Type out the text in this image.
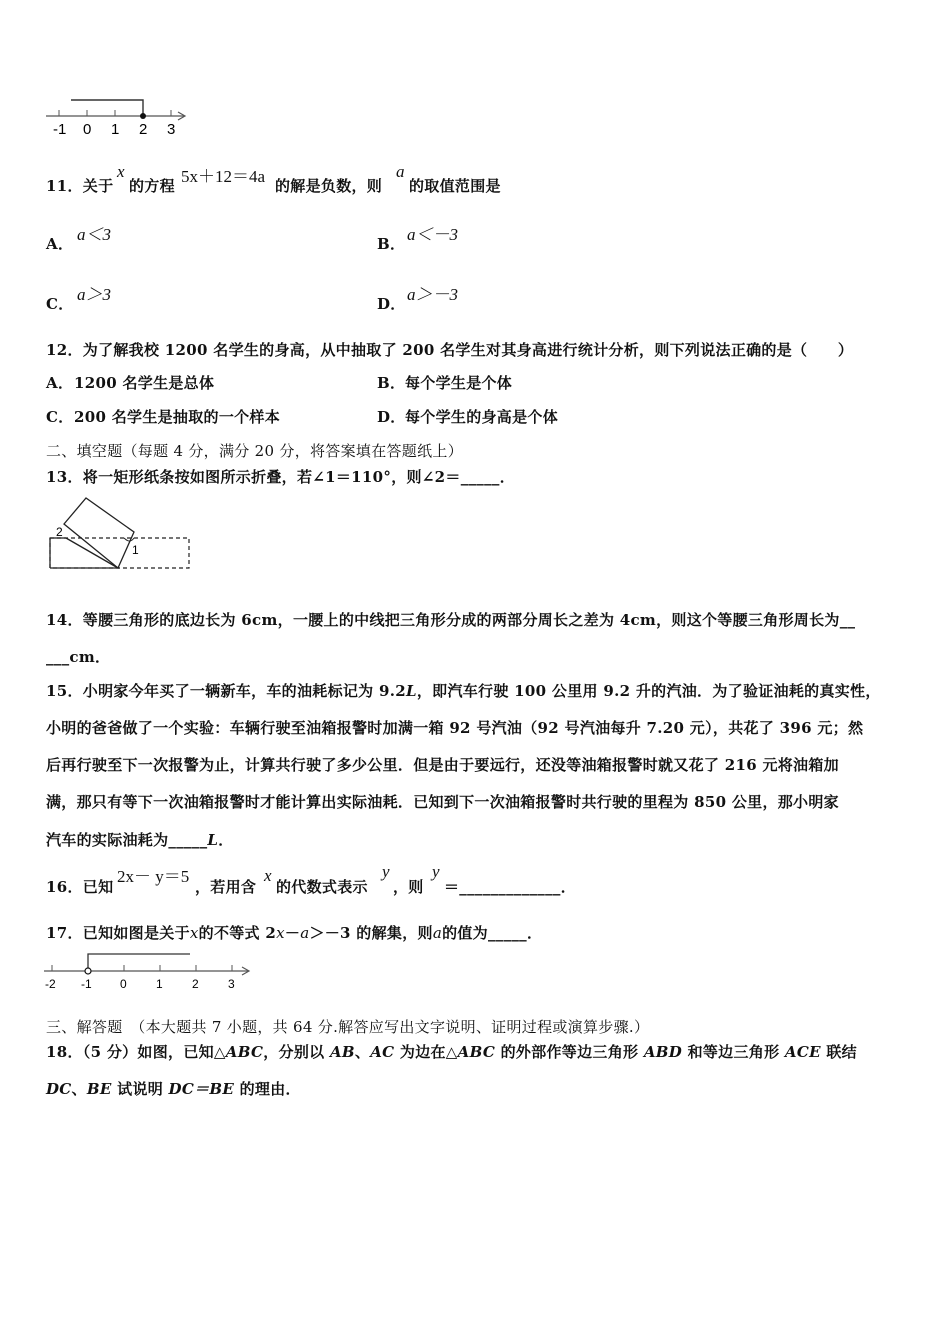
-1 0 1 2 3
11．关于
x
的方程 5x＋12＝4a 的解是负数，则
a
的取值范围是
A． a＜3	B． a＜－3
C． a＞3	D． a＞－3
12．为了解我校 1200 名学生的身高，从中抽取了 200 名学生对其身高进行统计分析，则下列说法正确的是（　　）
A． 1200 名学生是总体	B． 每个学生是个体
C． 200 名学生是抽取的一个样本	D． 每个学生的身高是个体
二、填空题（每题 4 分，满分 20 分，将答案填在答题纸上）
13．将一矩形纸条按如图所示折叠，若∠1＝110°，则∠2＝_____．
2
1
14．等腰三角形的底边长为 6cm，一腰上的中线把三角形分成的两部分周长之差为 4cm，则这个等腰三角形周长为__
___cm．
15．小明家今年买了一辆新车，车的油耗标记为 9.2L，即汽车行驶 100 公里用 9.2 升的汽油．为了验证油耗的真实性，
小明的爸爸做了一个实验：车辆行驶至油箱报警时加满一箱 92 号汽油（92 号汽油每升 7.20 元），共花了 396 元；然
后再行驶至下一次报警为止，计算共行驶了多少公里．但是由于要远行，还没等油箱报警时就又花了 216 元将油箱加
满，那只有等下一次油箱报警时才能计算出实际油耗．已知到下一次油箱报警时共行驶的里程为 850 公里，那小明家
汽车的实际油耗为_____L．
16．已知
2x－ y＝5
，若用含
x
的代数式表示
y
，则
y
＝_____________．
17．已知如图是关于x的不等式 2x－a＞－3 的解集，则a的值为_____．
-2 -1 0 1 2 3
三、解答题　（本大题共 7 小题，共 64 分.解答应写出文字说明、证明过程或演算步骤.）
18．（5 分）如图，已知△ABC，分别以 AB、AC 为边在△ABC 的外部作等边三角形 ABD 和等边三角形 ACE 联结
DC、BE 试说明 DC＝BE 的理由．
